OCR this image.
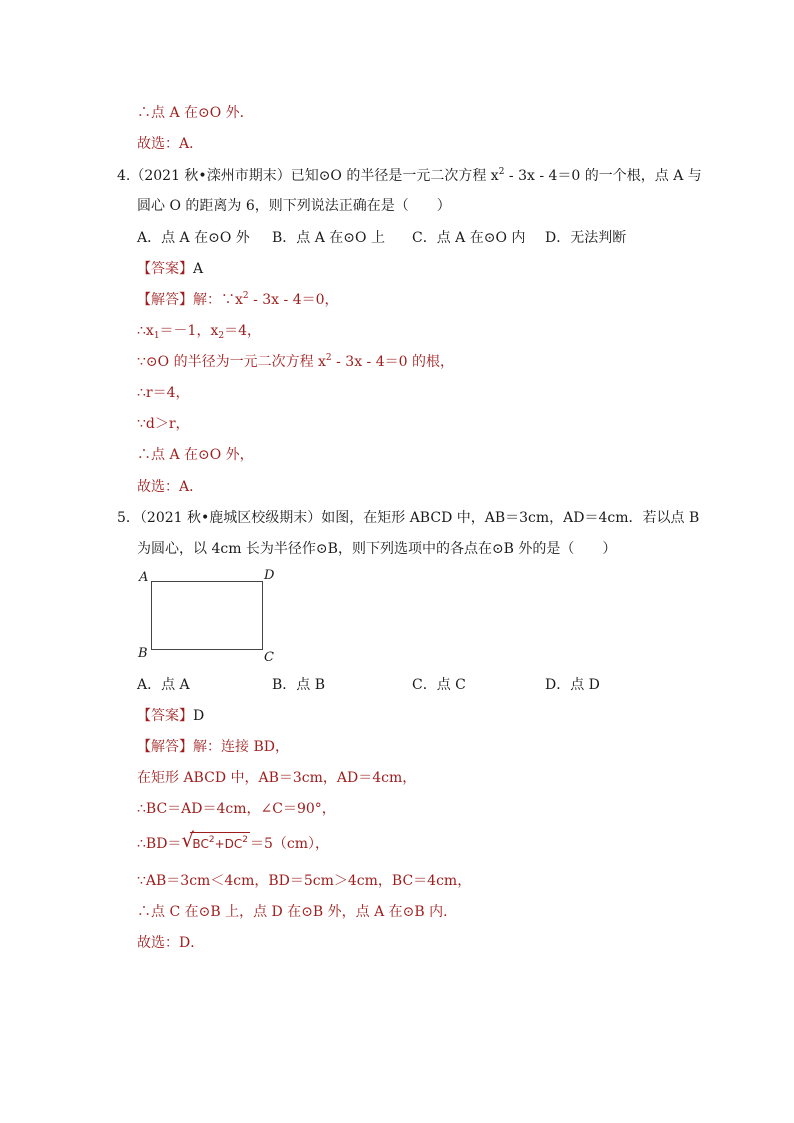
∴点 A 在⊙O 外．
故选：A．
4.（2021 秋•滦州市期末）已知⊙O 的半径是一元二次方程 $x^2 - 3x - 4=0$ 的一个根，点 A 与
圆心 O 的距离为 6，则下列说法正确在是（　　）
A．点 A 在⊙O 外 B．点 A 在⊙O 上 C．点 A 在⊙O 内 D．无法判断
【答案】A
【解答】解：$\because x^2 - 3x - 4=0$，
$\therefore x_1=-1$，$x_2=4$，
∵⊙O 的半径为一元二次方程 $x^2 - 3x - 4=0$ 的根，
∴r＝4，
∵d＞r，
∴点 A 在⊙O 外，
故选：A．
5．（2021 秋•鹿城区校级期末）如图，在矩形 ABCD 中，AB＝3cm，AD＝4cm．若以点 B
为圆心，以 4cm 长为半径作⊙B，则下列选项中的各点在⊙B 外的是（　　）
A	D
B	C
A．点 A	B．点 B	C．点 C	D．点 D
【答案】D
【解答】解：连接 BD，
在矩形 ABCD 中，AB＝3cm，AD＝4cm，
∴BC＝AD＝4cm，∠C＝90°，
∴BD＝ √
$BC^2+DC^2 =5(cm)$，
∵AB＝3cm＜4cm，BD＝5cm＞4cm，BC＝4cm，
∴点 C 在⊙B 上，点 D 在⊙B 外，点 A 在⊙B 内．
故选：D．
